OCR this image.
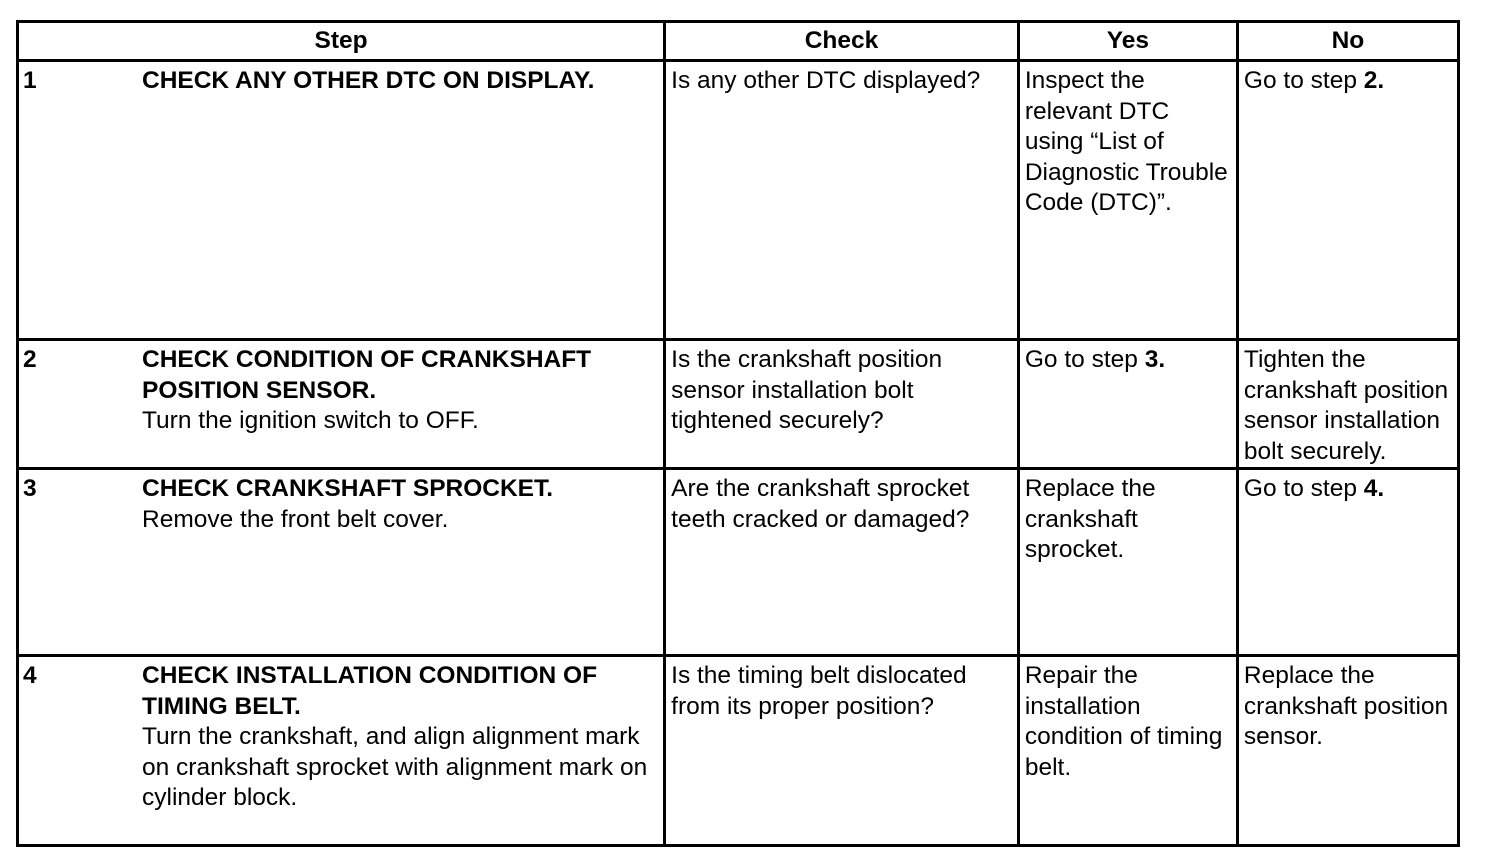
Step	Check	Yes	No

1 CHECK ANY OTHER DTC ON DISPLAY.	Is any other DTC displayed?	Inspect the relevant DTC using “List of Diagnostic Trouble Code (DTC)”.	Go to step 2.

2 CHECK CONDITION OF CRANKSHAFT POSITION SENSOR.
Turn the ignition switch to OFF.	Is the crankshaft position sensor installation bolt tightened securely?	Go to step 3.	Tighten the crankshaft position sensor installation bolt securely.

3 CHECK CRANKSHAFT SPROCKET.
Remove the front belt cover.	Are the crankshaft sprocket teeth cracked or damaged?	Replace the crankshaft sprocket.	Go to step 4.

4 CHECK INSTALLATION CONDITION OF TIMING BELT.
Turn the crankshaft, and align alignment mark on crankshaft sprocket with alignment mark on cylinder block.	Is the timing belt dislocated from its proper position?	Repair the installation condition of timing belt.	Replace the crankshaft position sensor.
